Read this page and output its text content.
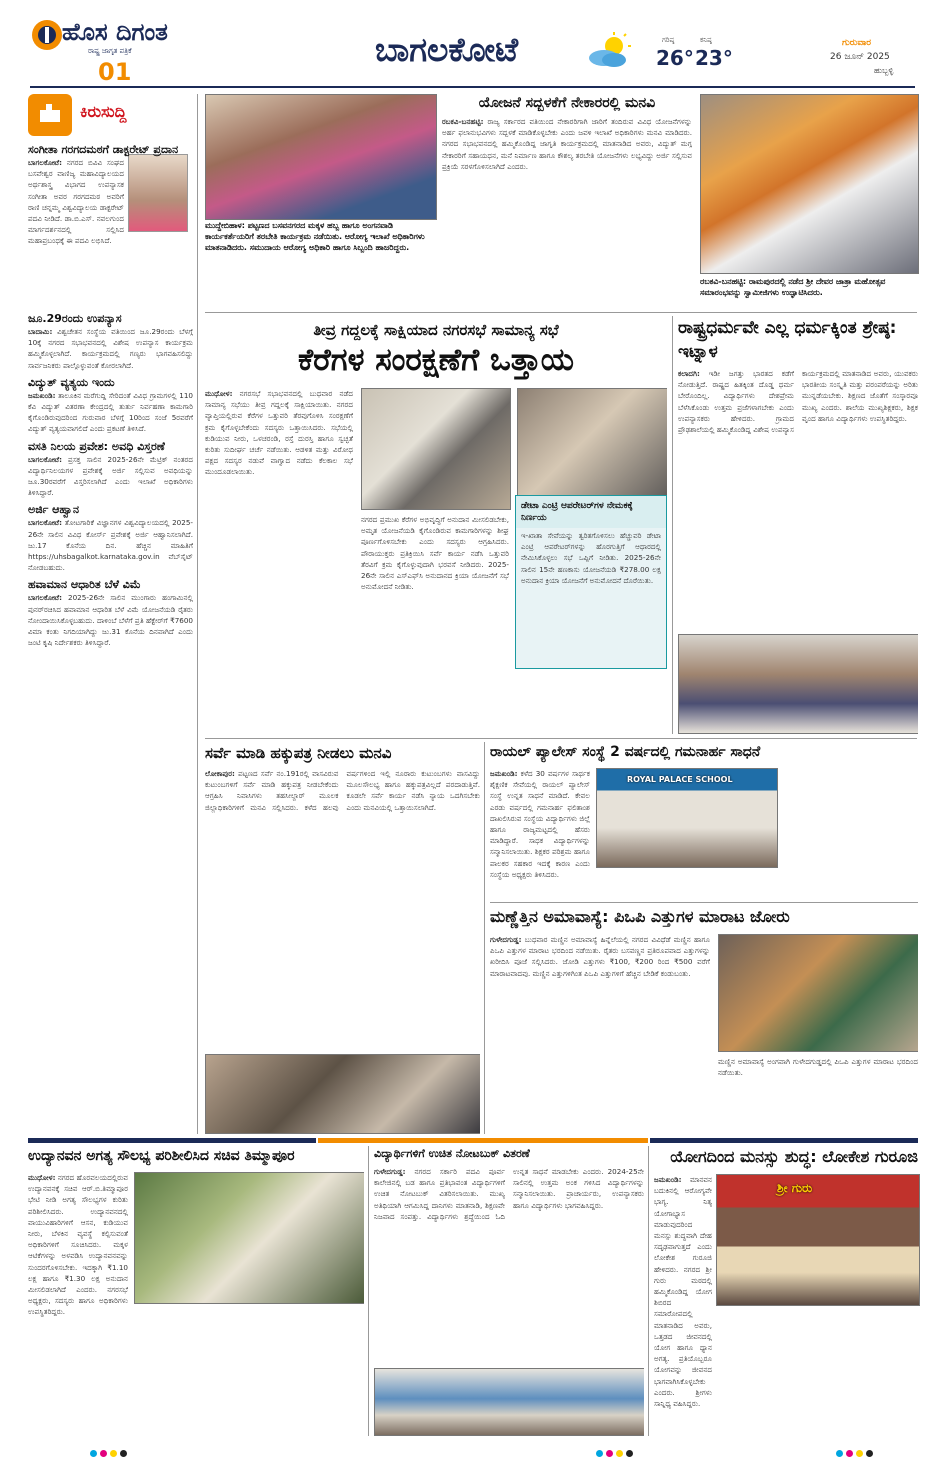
ಹೊಸ ದಿಗಂತ
ರಾಷ್ಟ್ರ ಜಾಗೃತ ಪತ್ರಿಕೆ
01
ಬಾಗಲಕೋಟೆ	ಗರಿಷ್ಠ
26°
ಕನಿಷ್ಠ
23°
ಗುರುವಾರ
26 ಜೂನ್ 2025
ಹುಬ್ಬಳ್ಳಿ
ಕಿರುಸುದ್ದಿ
ಸಂಗೀತಾ ಗರಗದಮಠಗೆ ಡಾಕ್ಟರೇಟ್ ಪ್ರದಾನ
ಬಾಗಲಕೋಟೆ: ನಗರದ ಬಿವಿವಿ ಸಂಘದ ಬಸವೇಶ್ವರ ವಾಣಿಜ್ಯ ಮಹಾವಿದ್ಯಾಲಯದ ಅರ್ಥಶಾಸ್ತ್ರ ವಿಭಾಗದ ಉಪನ್ಯಾಸಕ ಸಂಗೀತಾ ಅವರ ಗರಗದಮಠ ಅವರಿಗೆ ರಾಣಿ ಚನ್ನಮ್ಮ ವಿಶ್ವವಿದ್ಯಾಲಯ ಡಾಕ್ಟರೇಟ್ ಪದವಿ ನೀಡಿದೆ. ಡಾ.ಬಿ.ಎಸ್. ನವಲಗುಂದ ಮಾರ್ಗದರ್ಶನದಲ್ಲಿ ಸಲ್ಲಿಸಿದ ಮಹಾಪ್ರಬಂಧಕ್ಕೆ ಈ ಪದವಿ ಲಭಿಸಿದೆ.
ಜೂ.29ರಂದು ಉಪನ್ಯಾಸ
ಬಾದಾಮಿ: ವಿಶ್ವಚೇತನ ಸಂಸ್ಥೆಯ ವತಿಯಿಂದ ಜೂ.29ರಂದು ಬೆಳಗ್ಗೆ 10ಕ್ಕೆ ನಗರದ ಸಭಾಭವನದಲ್ಲಿ ವಿಶೇಷ ಉಪನ್ಯಾಸ ಕಾರ್ಯಕ್ರಮ ಹಮ್ಮಿಕೊಳ್ಳಲಾಗಿದೆ. ಕಾರ್ಯಕ್ರಮದಲ್ಲಿ ಗಣ್ಯರು ಭಾಗವಹಿಸಲಿದ್ದು ಸಾರ್ವಜನಿಕರು ಪಾಲ್ಗೊಳ್ಳುವಂತೆ ಕೋರಲಾಗಿದೆ.
ವಿದ್ಯುತ್ ವ್ಯತ್ಯಯ ಇಂದು
ಜಮಖಂಡಿ: ತಾಲೂಕಿನ ಮರೆಗುದ್ದಿ ಸೇರಿದಂತೆ ವಿವಿಧ ಗ್ರಾಮಗಳಲ್ಲಿ 110 ಕೆವಿ ವಿದ್ಯುತ್ ವಿತರಣಾ ಕೇಂದ್ರದಲ್ಲಿ ತುರ್ತು ನಿರ್ವಹಣಾ ಕಾಮಗಾರಿ ಕೈಗೊಂಡಿರುವುದರಿಂದ ಗುರುವಾರ ಬೆಳಗ್ಗೆ 10ರಿಂದ ಸಂಜೆ 5ರವರೆಗೆ ವಿದ್ಯುತ್ ವ್ಯತ್ಯಯವಾಗಲಿದೆ ಎಂದು ಪ್ರಕಟಣೆ ತಿಳಿಸಿದೆ.
ವಸತಿ ನಿಲಯ ಪ್ರವೇಶ: ಅವಧಿ ವಿಸ್ತರಣೆ
ಬಾಗಲಕೋಟೆ: ಪ್ರಸಕ್ತ ಸಾಲಿನ 2025-26ನೇ ಮೆಟ್ರಿಕ್ ನಂತರದ ವಿದ್ಯಾರ್ಥಿನಿಲಯಗಳ ಪ್ರವೇಶಕ್ಕೆ ಅರ್ಜಿ ಸಲ್ಲಿಸುವ ಅವಧಿಯನ್ನು ಜೂ.30ರವರೆಗೆ ವಿಸ್ತರಿಸಲಾಗಿದೆ ಎಂದು ಇಲಾಖೆ ಅಧಿಕಾರಿಗಳು ತಿಳಿಸಿದ್ದಾರೆ.
ಅರ್ಜಿ ಆಹ್ವಾನ
ಬಾಗಲಕೋಟೆ: ತೋಟಗಾರಿಕೆ ವಿಜ್ಞಾನಗಳ ವಿಶ್ವವಿದ್ಯಾಲಯದಲ್ಲಿ 2025-26ನೇ ಸಾಲಿನ ವಿವಿಧ ಕೋರ್ಸ್ ಪ್ರವೇಶಕ್ಕೆ ಅರ್ಜಿ ಆಹ್ವಾನಿಸಲಾಗಿದೆ. ಜು.17 ಕೊನೆಯ ದಿನ. ಹೆಚ್ಚಿನ ಮಾಹಿತಿಗೆ https://uhsbagalkot.karnataka.gov.in ವೆಬ್‌ಸೈಟ್ ನೋಡಬಹುದು.
ಹವಾಮಾನ ಆಧಾರಿತ ಬೆಳೆ ವಿಮೆ
ಬಾಗಲಕೋಟೆ: 2025-26ನೇ ಸಾಲಿನ ಮುಂಗಾರು ಹಂಗಾಮಿನಲ್ಲಿ ಪುನರ್‌ರಚಿಸಿದ ಹವಾಮಾನ ಆಧಾರಿತ ಬೆಳೆ ವಿಮೆ ಯೋಜನೆಯಡಿ ರೈತರು ನೋಂದಾಯಿಸಿಕೊಳ್ಳಬಹುದು. ದಾಳಿಂಬೆ ಬೆಳೆಗೆ ಪ್ರತಿ ಹೆಕ್ಟೇರ್‌ಗೆ ₹7600 ವಿಮಾ ಕಂತು ನಿಗದಿಯಾಗಿದ್ದು ಜು.31 ಕೊನೆಯ ದಿನವಾಗಿದೆ ಎಂದು ಜಂಟಿ ಕೃಷಿ ನಿರ್ದೇಶಕರು ತಿಳಿಸಿದ್ದಾರೆ.
ಮುದ್ದೇಬಿಹಾಳ: ಪಟ್ಟಣದ ಬಸವನಗರದ ಮಕ್ಕಳ ಹಬ್ಬ ಹಾಗೂ ಅಂಗನವಾಡಿ ಕಾರ್ಯಕರ್ತೆಯರಿಗೆ ತರಬೇತಿ ಕಾರ್ಯಕ್ರಮ ನಡೆಯಿತು. ಆರೋಗ್ಯ ಇಲಾಖೆ ಅಧಿಕಾರಿಗಳು ಮಾತನಾಡಿದರು. ಸಮುದಾಯ ಆರೋಗ್ಯ ಅಧಿಕಾರಿ ಹಾಗೂ ಸಿಬ್ಬಂದಿ ಹಾಜರಿದ್ದರು.
ಯೋಜನೆ ಸದ್ಬಳಕೆಗೆ ನೇಕಾರರಲ್ಲಿ ಮನವಿ
ರಬಕವಿ-ಬನಹಟ್ಟಿ: ರಾಜ್ಯ ಸರ್ಕಾರದ ವತಿಯಿಂದ ನೇಕಾರರಿಗಾಗಿ ಜಾರಿಗೆ ತಂದಿರುವ ವಿವಿಧ ಯೋಜನೆಗಳನ್ನು ಅರ್ಹ ಫಲಾನುಭವಿಗಳು ಸದ್ಬಳಕೆ ಮಾಡಿಕೊಳ್ಳಬೇಕು ಎಂದು ಜವಳಿ ಇಲಾಖೆ ಅಧಿಕಾರಿಗಳು ಮನವಿ ಮಾಡಿದರು. ನಗರದ ಸಭಾಭವನದಲ್ಲಿ ಹಮ್ಮಿಕೊಂಡಿದ್ದ ಜಾಗೃತಿ ಕಾರ್ಯಕ್ರಮದಲ್ಲಿ ಮಾತನಾಡಿದ ಅವರು, ವಿದ್ಯುತ್ ಮಗ್ಗ ನೇಕಾರರಿಗೆ ಸಹಾಯಧನ, ಮನೆ ನಿರ್ಮಾಣ ಹಾಗೂ ಕೌಶಲ್ಯ ತರಬೇತಿ ಯೋಜನೆಗಳು ಲಭ್ಯವಿದ್ದು ಅರ್ಜಿ ಸಲ್ಲಿಸುವ ಪ್ರಕ್ರಿಯೆ ಸರಳಗೊಳಿಸಲಾಗಿದೆ ಎಂದರು.
ರಬಕವಿ-ಬನಹಟ್ಟಿ: ರಾಮಪುರದಲ್ಲಿ ನಡೆದ ಶ್ರೀ ದೇವರ ಜಾತ್ರಾ ಮಹೋತ್ಸವ ಸಮಾರಂಭವನ್ನು ಸ್ವಾಮೀಜಿಗಳು ಉದ್ಘಾಟಿಸಿದರು.
ತೀವ್ರ ಗದ್ದಲಕ್ಕೆ ಸಾಕ್ಷಿಯಾದ ನಗರಸಭೆ ಸಾಮಾನ್ಯ ಸಭೆ
ಕೆರೆಗಳ ಸಂರಕ್ಷಣೆಗೆ ಒತ್ತಾಯ
ಮುಧೋಳ: ನಗರಸಭೆ ಸಭಾಭವನದಲ್ಲಿ ಬುಧವಾರ ನಡೆದ ಸಾಮಾನ್ಯ ಸಭೆಯು ತೀವ್ರ ಗದ್ದಲಕ್ಕೆ ಸಾಕ್ಷಿಯಾಯಿತು. ನಗರದ ವ್ಯಾಪ್ತಿಯಲ್ಲಿರುವ ಕೆರೆಗಳ ಒತ್ತುವರಿ ತೆರವುಗೊಳಿಸಿ ಸಂರಕ್ಷಣೆಗೆ ಕ್ರಮ ಕೈಗೊಳ್ಳಬೇಕೆಂದು ಸದಸ್ಯರು ಒತ್ತಾಯಿಸಿದರು. ಸಭೆಯಲ್ಲಿ ಕುಡಿಯುವ ನೀರು, ಒಳಚರಂಡಿ, ರಸ್ತೆ ದುರಸ್ತಿ ಹಾಗೂ ಸ್ವಚ್ಛತೆ ಕುರಿತು ಸುದೀರ್ಘ ಚರ್ಚೆ ನಡೆಯಿತು. ಆಡಳಿತ ಮತ್ತು ವಿರೋಧ ಪಕ್ಷದ ಸದಸ್ಯರ ನಡುವೆ ವಾಗ್ವಾದ ನಡೆದು ಕೆಲಕಾಲ ಸಭೆ ಮುಂದೂಡಲಾಯಿತು.
ನಗರದ ಪ್ರಮುಖ ಕೆರೆಗಳ ಅಭಿವೃದ್ಧಿಗೆ ಅನುದಾನ ಮೀಸಲಿಡಬೇಕು, ಅಮೃತ ಯೋಜನೆಯಡಿ ಕೈಗೊಂಡಿರುವ ಕಾಮಗಾರಿಗಳನ್ನು ಶೀಘ್ರ ಪೂರ್ಣಗೊಳಿಸಬೇಕು ಎಂದು ಸದಸ್ಯರು ಆಗ್ರಹಿಸಿದರು. ಪೌರಾಯುಕ್ತರು ಪ್ರತಿಕ್ರಿಯಿಸಿ ಸರ್ವೆ ಕಾರ್ಯ ನಡೆಸಿ ಒತ್ತುವರಿ ತೆರವಿಗೆ ಕ್ರಮ ಕೈಗೊಳ್ಳುವುದಾಗಿ ಭರವಸೆ ನೀಡಿದರು. 2025-26ನೇ ಸಾಲಿನ ಎಸ್‌ಎಫ್‌ಸಿ ಅನುದಾನದ ಕ್ರಿಯಾ ಯೋಜನೆಗೆ ಸಭೆ ಅನುಮೋದನೆ ನೀಡಿತು.
ಡೇಟಾ ಎಂಟ್ರಿ ಆಪರೇಟರ್‌ಗಳ ನೇಮಕಕ್ಕೆ ನಿರ್ಣಯ
ಇ-ಖಾತಾ ಸೇವೆಯನ್ನು ತ್ವರಿತಗೊಳಿಸಲು ಹೆಚ್ಚುವರಿ ಡೇಟಾ ಎಂಟ್ರಿ ಆಪರೇಟರ್‌ಗಳನ್ನು ಹೊರಗುತ್ತಿಗೆ ಆಧಾರದಲ್ಲಿ ನೇಮಿಸಿಕೊಳ್ಳಲು ಸಭೆ ಒಪ್ಪಿಗೆ ನೀಡಿತು. 2025-26ನೇ ಸಾಲಿನ 15ನೇ ಹಣಕಾಸು ಯೋಜನೆಯಡಿ ₹278.00 ಲಕ್ಷ ಅನುದಾನ ಕ್ರಿಯಾ ಯೋಜನೆಗೆ ಅನುಮೋದನೆ ದೊರೆಯಿತು.
ರಾಷ್ಟ್ರಧರ್ಮವೇ ಎಲ್ಲ ಧರ್ಮಕ್ಕಿಂತ ಶ್ರೇಷ್ಠ: ಇಟ್ನಾಳ
ಕಲಾದಗಿ: ಇಡೀ ಜಗತ್ತು ಭಾರತದ ಕಡೆಗೆ ನೋಡುತ್ತಿದೆ. ರಾಷ್ಟ್ರದ ಹಿತಕ್ಕಿಂತ ದೊಡ್ಡ ಧರ್ಮ ಬೇರೊಂದಿಲ್ಲ. ವಿದ್ಯಾರ್ಥಿಗಳು ದೇಶಪ್ರೇಮ ಬೆಳೆಸಿಕೊಂಡು ಉತ್ತಮ ಪ್ರಜೆಗಳಾಗಬೇಕು ಎಂದು ಉಪನ್ಯಾಸಕರು ಹೇಳಿದರು. ಗ್ರಾಮದ ಪ್ರೌಢಶಾಲೆಯಲ್ಲಿ ಹಮ್ಮಿಕೊಂಡಿದ್ದ ವಿಶೇಷ ಉಪನ್ಯಾಸ ಕಾರ್ಯಕ್ರಮದಲ್ಲಿ ಮಾತನಾಡಿದ ಅವರು, ಯುವಕರು ಭಾರತೀಯ ಸಂಸ್ಕೃತಿ ಮತ್ತು ಪರಂಪರೆಯನ್ನು ಅರಿತು ಮುನ್ನಡೆಯಬೇಕು. ಶಿಕ್ಷಣದ ಜೊತೆಗೆ ಸಂಸ್ಕಾರವೂ ಮುಖ್ಯ ಎಂದರು. ಶಾಲೆಯ ಮುಖ್ಯಶಿಕ್ಷಕರು, ಶಿಕ್ಷಕ ವೃಂದ ಹಾಗೂ ವಿದ್ಯಾರ್ಥಿಗಳು ಉಪಸ್ಥಿತರಿದ್ದರು.
ಸರ್ವೆ ಮಾಡಿ ಹಕ್ಕುಪತ್ರ ನೀಡಲು ಮನವಿ
ಲೋಕಾಪುರ: ಪಟ್ಟಣದ ಸರ್ವೆ ನಂ.191ರಲ್ಲಿ ವಾಸವಿರುವ ಕುಟುಂಬಗಳಿಗೆ ಸರ್ವೆ ಮಾಡಿ ಹಕ್ಕುಪತ್ರ ನೀಡಬೇಕೆಂದು ಆಗ್ರಹಿಸಿ ನಿವಾಸಿಗಳು ತಹಸೀಲ್ದಾರ್ ಮೂಲಕ ಜಿಲ್ಲಾಧಿಕಾರಿಗಳಿಗೆ ಮನವಿ ಸಲ್ಲಿಸಿದರು. ಕಳೆದ ಹಲವು ವರ್ಷಗಳಿಂದ ಇಲ್ಲಿ ನೂರಾರು ಕುಟುಂಬಗಳು ವಾಸವಿದ್ದು ಮೂಲಸೌಲಭ್ಯ ಹಾಗೂ ಹಕ್ಕುಪತ್ರವಿಲ್ಲದೆ ಪರದಾಡುತ್ತಿವೆ. ಕೂಡಲೇ ಸರ್ವೆ ಕಾರ್ಯ ನಡೆಸಿ ನ್ಯಾಯ ಒದಗಿಸಬೇಕು ಎಂದು ಮನವಿಯಲ್ಲಿ ಒತ್ತಾಯಿಸಲಾಗಿದೆ.
ರಾಯಲ್ ಪ್ಯಾಲೇಸ್ ಸಂಸ್ಥೆ 2 ವರ್ಷದಲ್ಲಿ ಗಮನಾರ್ಹ ಸಾಧನೆ
ಜಮಖಂಡಿ: ಕಳೆದ 30 ವರ್ಷಗಳ ಸಾರ್ಥಕ ಶೈಕ್ಷಣಿಕ ಸೇವೆಯಲ್ಲಿ ರಾಯಲ್ ಪ್ಯಾಲೇಸ್ ಸಂಸ್ಥೆ ಉನ್ನತ ಸಾಧನೆ ಮಾಡಿದೆ. ಕೇವಲ ಎರಡು ವರ್ಷದಲ್ಲಿ ಗಮನಾರ್ಹ ಫಲಿತಾಂಶ ದಾಖಲಿಸಿರುವ ಸಂಸ್ಥೆಯ ವಿದ್ಯಾರ್ಥಿಗಳು ಜಿಲ್ಲೆ ಹಾಗೂ ರಾಜ್ಯಮಟ್ಟದಲ್ಲಿ ಹೆಸರು ಮಾಡಿದ್ದಾರೆ. ಸಾಧಕ ವಿದ್ಯಾರ್ಥಿಗಳನ್ನು ಸನ್ಮಾನಿಸಲಾಯಿತು. ಶಿಕ್ಷಕರ ಪರಿಶ್ರಮ ಹಾಗೂ ಪಾಲಕರ ಸಹಕಾರ ಇದಕ್ಕೆ ಕಾರಣ ಎಂದು ಸಂಸ್ಥೆಯ ಅಧ್ಯಕ್ಷರು ತಿಳಿಸಿದರು.
ROYAL PALACE SCHOOL
ಮಣ್ಣೆತ್ತಿನ ಅಮಾವಾಸ್ಯೆ: ಪಿಒಪಿ ಎತ್ತುಗಳ ಮಾರಾಟ ಜೋರು
ಗುಳೇದಗುಡ್ಡ: ಬುಧವಾರ ಮಣ್ಣಿನ ಅಮಾವಾಸ್ಯೆ ಹಿನ್ನೆಲೆಯಲ್ಲಿ ನಗರದ ವಿವಿಧೆಡೆ ಮಣ್ಣಿನ ಹಾಗೂ ಪಿಒಪಿ ಎತ್ತುಗಳ ಮಾರಾಟ ಭರದಿಂದ ನಡೆಯಿತು. ರೈತರು ಬಸವಣ್ಣನ ಪ್ರತಿರೂಪವಾದ ಎತ್ತುಗಳನ್ನು ಖರೀದಿಸಿ ಪೂಜೆ ಸಲ್ಲಿಸಿದರು. ಜೋಡಿ ಎತ್ತುಗಳು ₹100, ₹200 ರಿಂದ ₹500 ವರೆಗೆ ಮಾರಾಟವಾದವು. ಮಣ್ಣಿನ ಎತ್ತುಗಳಿಗಿಂತ ಪಿಒಪಿ ಎತ್ತುಗಳಿಗೆ ಹೆಚ್ಚಿನ ಬೇಡಿಕೆ ಕಂಡುಬಂತು.
ಮಣ್ಣಿನ ಅಮಾವಾಸ್ಯೆ ಅಂಗವಾಗಿ ಗುಳೇದಗುಡ್ಡದಲ್ಲಿ ಪಿಒಪಿ ಎತ್ತುಗಳ ಮಾರಾಟ ಭರದಿಂದ ನಡೆಯಿತು.
ಉದ್ಯಾನವನ ಅಗತ್ಯ ಸೌಲಭ್ಯ ಪರಿಶೀಲಿಸಿದ ಸಚಿವ ತಿಮ್ಮಾಪೂರ
ಮುಧೋಳ: ನಗರದ ಹೊರವಲಯದಲ್ಲಿರುವ ಉದ್ಯಾನವನಕ್ಕೆ ಸಚಿವ ಆರ್.ಬಿ.ತಿಮ್ಮಾಪೂರ ಭೇಟಿ ನೀಡಿ ಅಗತ್ಯ ಸೌಲಭ್ಯಗಳ ಕುರಿತು ಪರಿಶೀಲಿಸಿದರು. ಉದ್ಯಾನವನದಲ್ಲಿ ವಾಯುವಿಹಾರಿಗಳಿಗೆ ಆಸನ, ಕುಡಿಯುವ ನೀರು, ಬೆಳಕಿನ ವ್ಯವಸ್ಥೆ ಕಲ್ಪಿಸುವಂತೆ ಅಧಿಕಾರಿಗಳಿಗೆ ಸೂಚಿಸಿದರು. ಮಕ್ಕಳ ಆಟಿಕೆಗಳನ್ನು ಅಳವಡಿಸಿ ಉದ್ಯಾನವನವನ್ನು ಸುಂದರಗೊಳಿಸಬೇಕು. ಇದಕ್ಕಾಗಿ ₹1.10 ಲಕ್ಷ ಹಾಗೂ ₹1.30 ಲಕ್ಷ ಅನುದಾನ ಮೀಸಲಿಡಲಾಗಿದೆ ಎಂದರು. ನಗರಸಭೆ ಅಧ್ಯಕ್ಷರು, ಸದಸ್ಯರು ಹಾಗೂ ಅಧಿಕಾರಿಗಳು ಉಪಸ್ಥಿತರಿದ್ದರು.
ವಿದ್ಯಾರ್ಥಿಗಳಿಗೆ ಉಚಿತ ನೋಟಬುಕ್ ವಿತರಣೆ
ಗುಳೇದಗುಡ್ಡ: ನಗರದ ಸರ್ಕಾರಿ ಪದವಿ ಪೂರ್ವ ಕಾಲೇಜಿನಲ್ಲಿ ಬಡ ಹಾಗೂ ಪ್ರತಿಭಾವಂತ ವಿದ್ಯಾರ್ಥಿಗಳಿಗೆ ಉಚಿತ ನೋಟಬುಕ್ ವಿತರಿಸಲಾಯಿತು. ಮುಖ್ಯ ಅತಿಥಿಯಾಗಿ ಆಗಮಿಸಿದ್ದ ದಾನಿಗಳು ಮಾತನಾಡಿ, ಶಿಕ್ಷಣವೇ ನಿಜವಾದ ಸಂಪತ್ತು. ವಿದ್ಯಾರ್ಥಿಗಳು ಶ್ರದ್ಧೆಯಿಂದ ಓದಿ ಉನ್ನತ ಸಾಧನೆ ಮಾಡಬೇಕು ಎಂದರು. 2024-25ನೇ ಸಾಲಿನಲ್ಲಿ ಉತ್ತಮ ಅಂಕ ಗಳಿಸಿದ ವಿದ್ಯಾರ್ಥಿಗಳನ್ನು ಸನ್ಮಾನಿಸಲಾಯಿತು. ಪ್ರಾಚಾರ್ಯರು, ಉಪನ್ಯಾಸಕರು ಹಾಗೂ ವಿದ್ಯಾರ್ಥಿಗಳು ಭಾಗವಹಿಸಿದ್ದರು.
ಯೋಗದಿಂದ ಮನಸ್ಸು ಶುದ್ಧ: ಲೋಕೇಶ ಗುರೂಜಿ
ಜಮಖಂಡಿ: ಮಾನವನ ಬದುಕಿನಲ್ಲಿ ಆರೋಗ್ಯವೇ ಭಾಗ್ಯ. ನಿತ್ಯ ಯೋಗಾಭ್ಯಾಸ ಮಾಡುವುದರಿಂದ ಮನಸ್ಸು ಶುದ್ಧವಾಗಿ ದೇಹ ಸದೃಢವಾಗುತ್ತದೆ ಎಂದು ಲೋಕೇಶ ಗುರೂಜಿ ಹೇಳಿದರು. ನಗರದ ಶ್ರೀ ಗುರು ಮಠದಲ್ಲಿ ಹಮ್ಮಿಕೊಂಡಿದ್ದ ಯೋಗ ಶಿಬಿರದ ಸಮಾರೋಪದಲ್ಲಿ ಮಾತನಾಡಿದ ಅವರು, ಒತ್ತಡದ ಜೀವನದಲ್ಲಿ ಯೋಗ ಹಾಗೂ ಧ್ಯಾನ ಅಗತ್ಯ. ಪ್ರತಿಯೊಬ್ಬರೂ ಯೋಗವನ್ನು ಜೀವನದ ಭಾಗವಾಗಿಸಿಕೊಳ್ಳಬೇಕು ಎಂದರು. ಶ್ರೀಗಳು ಸಾನ್ನಿಧ್ಯ ವಹಿಸಿದ್ದರು.
ಶ್ರೀ ಗುರು
